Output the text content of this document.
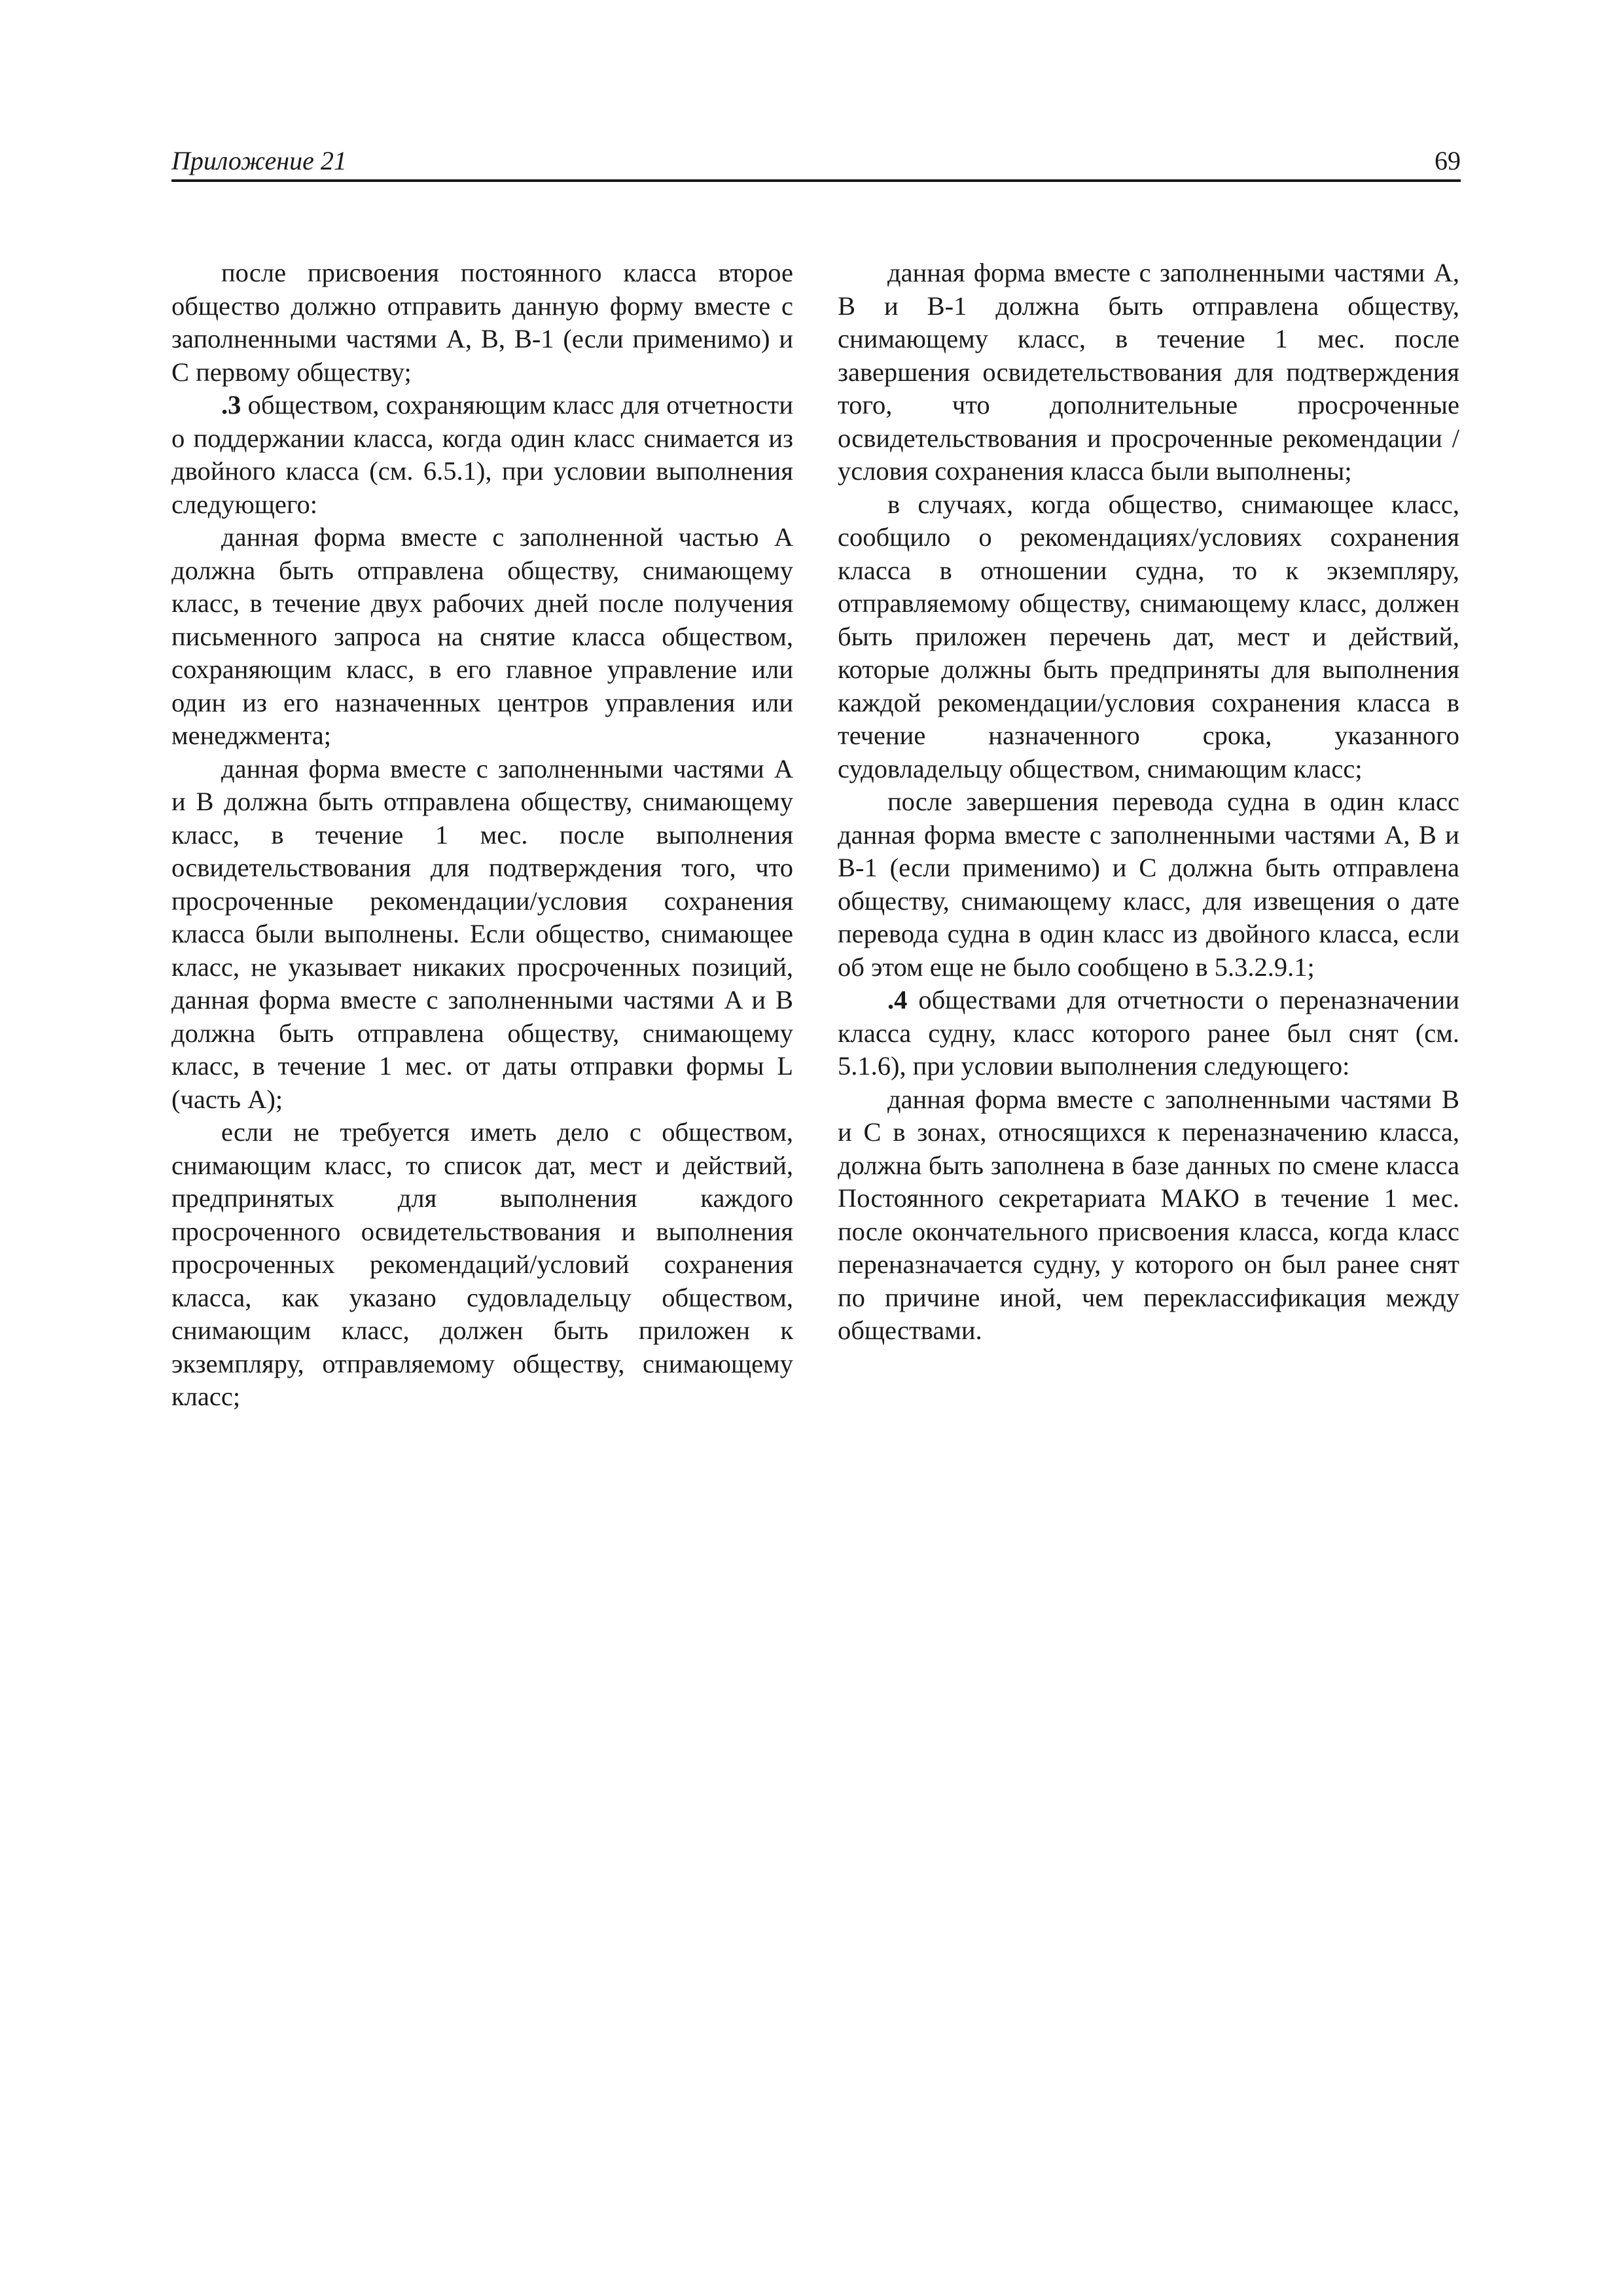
Приложение 21	69

после присвоения постоянного класса второе общество должно отправить данную форму вместе с заполненными частями A, B, B-1 (если применимо) и C первому обществу;

.3 обществом, сохраняющим класс для отчетности о поддержании класса, когда один класс снимается из двойного класса (см. 6.5.1), при условии выполнения следующего:

данная форма вместе с заполненной частью A должна быть отправлена обществу, снимающему класс, в течение двух рабочих дней после получения письменного запроса на снятие класса обществом, сохраняющим класс, в его главное управление или один из его назначенных центров управления или менеджмента;

данная форма вместе с заполненными частями A и B должна быть отправлена обществу, снимающему класс, в течение 1 мес. после выполнения освидетельствования для подтверждения того, что просроченные рекомендации/условия сохранения класса были выполнены. Если общество, снимающее класс, не указывает никаких просроченных позиций, данная форма вместе с заполненными частями A и B должна быть отправлена обществу, снимающему класс, в течение 1 мес. от даты отправки формы L (часть A);

если не требуется иметь дело с обществом, снимающим класс, то список дат, мест и действий, предпринятых для выполнения каждого просроченного освидетельствования и выполнения просроченных рекомендаций/условий сохранения класса, как указано судовладельцу обществом, снимающим класс, должен быть приложен к экземпляру, отправляемому обществу, снимающему класс;

данная форма вместе с заполненными частями A, B и B-1 должна быть отправлена обществу, снимающему класс, в течение 1 мес. после завершения освидетельствования для подтверждения того, что дополнительные просроченные освидетельствования и просроченные рекомендации /условия сохранения класса были выполнены;

в случаях, когда общество, снимающее класс, сообщило о рекомендациях/условиях сохранения класса в отношении судна, то к экземпляру, отправляемому обществу, снимающему класс, должен быть приложен перечень дат, мест и действий, которые должны быть предприняты для выполнения каждой рекомендации/условия сохранения класса в течение назначенного срока, указанного судовладельцу обществом, снимающим класс;

после завершения перевода судна в один класс данная форма вместе с заполненными частями A, B и B-1 (если применимо) и C должна быть отправлена обществу, снимающему класс, для извещения о дате перевода судна в один класс из двойного класса, если об этом еще не было сообщено в 5.3.2.9.1;

.4 обществами для отчетности о переназначении класса судну, класс которого ранее был снят (см. 5.1.6), при условии выполнения следующего:

данная форма вместе с заполненными частями B и C в зонах, относящихся к переназначению класса, должна быть заполнена в базе данных по смене класса Постоянного секретариата МАКО в течение 1 мес. после окончательного присвоения класса, когда класс переназначается судну, у которого он был ранее снят по причине иной, чем переклассификация между обществами.
